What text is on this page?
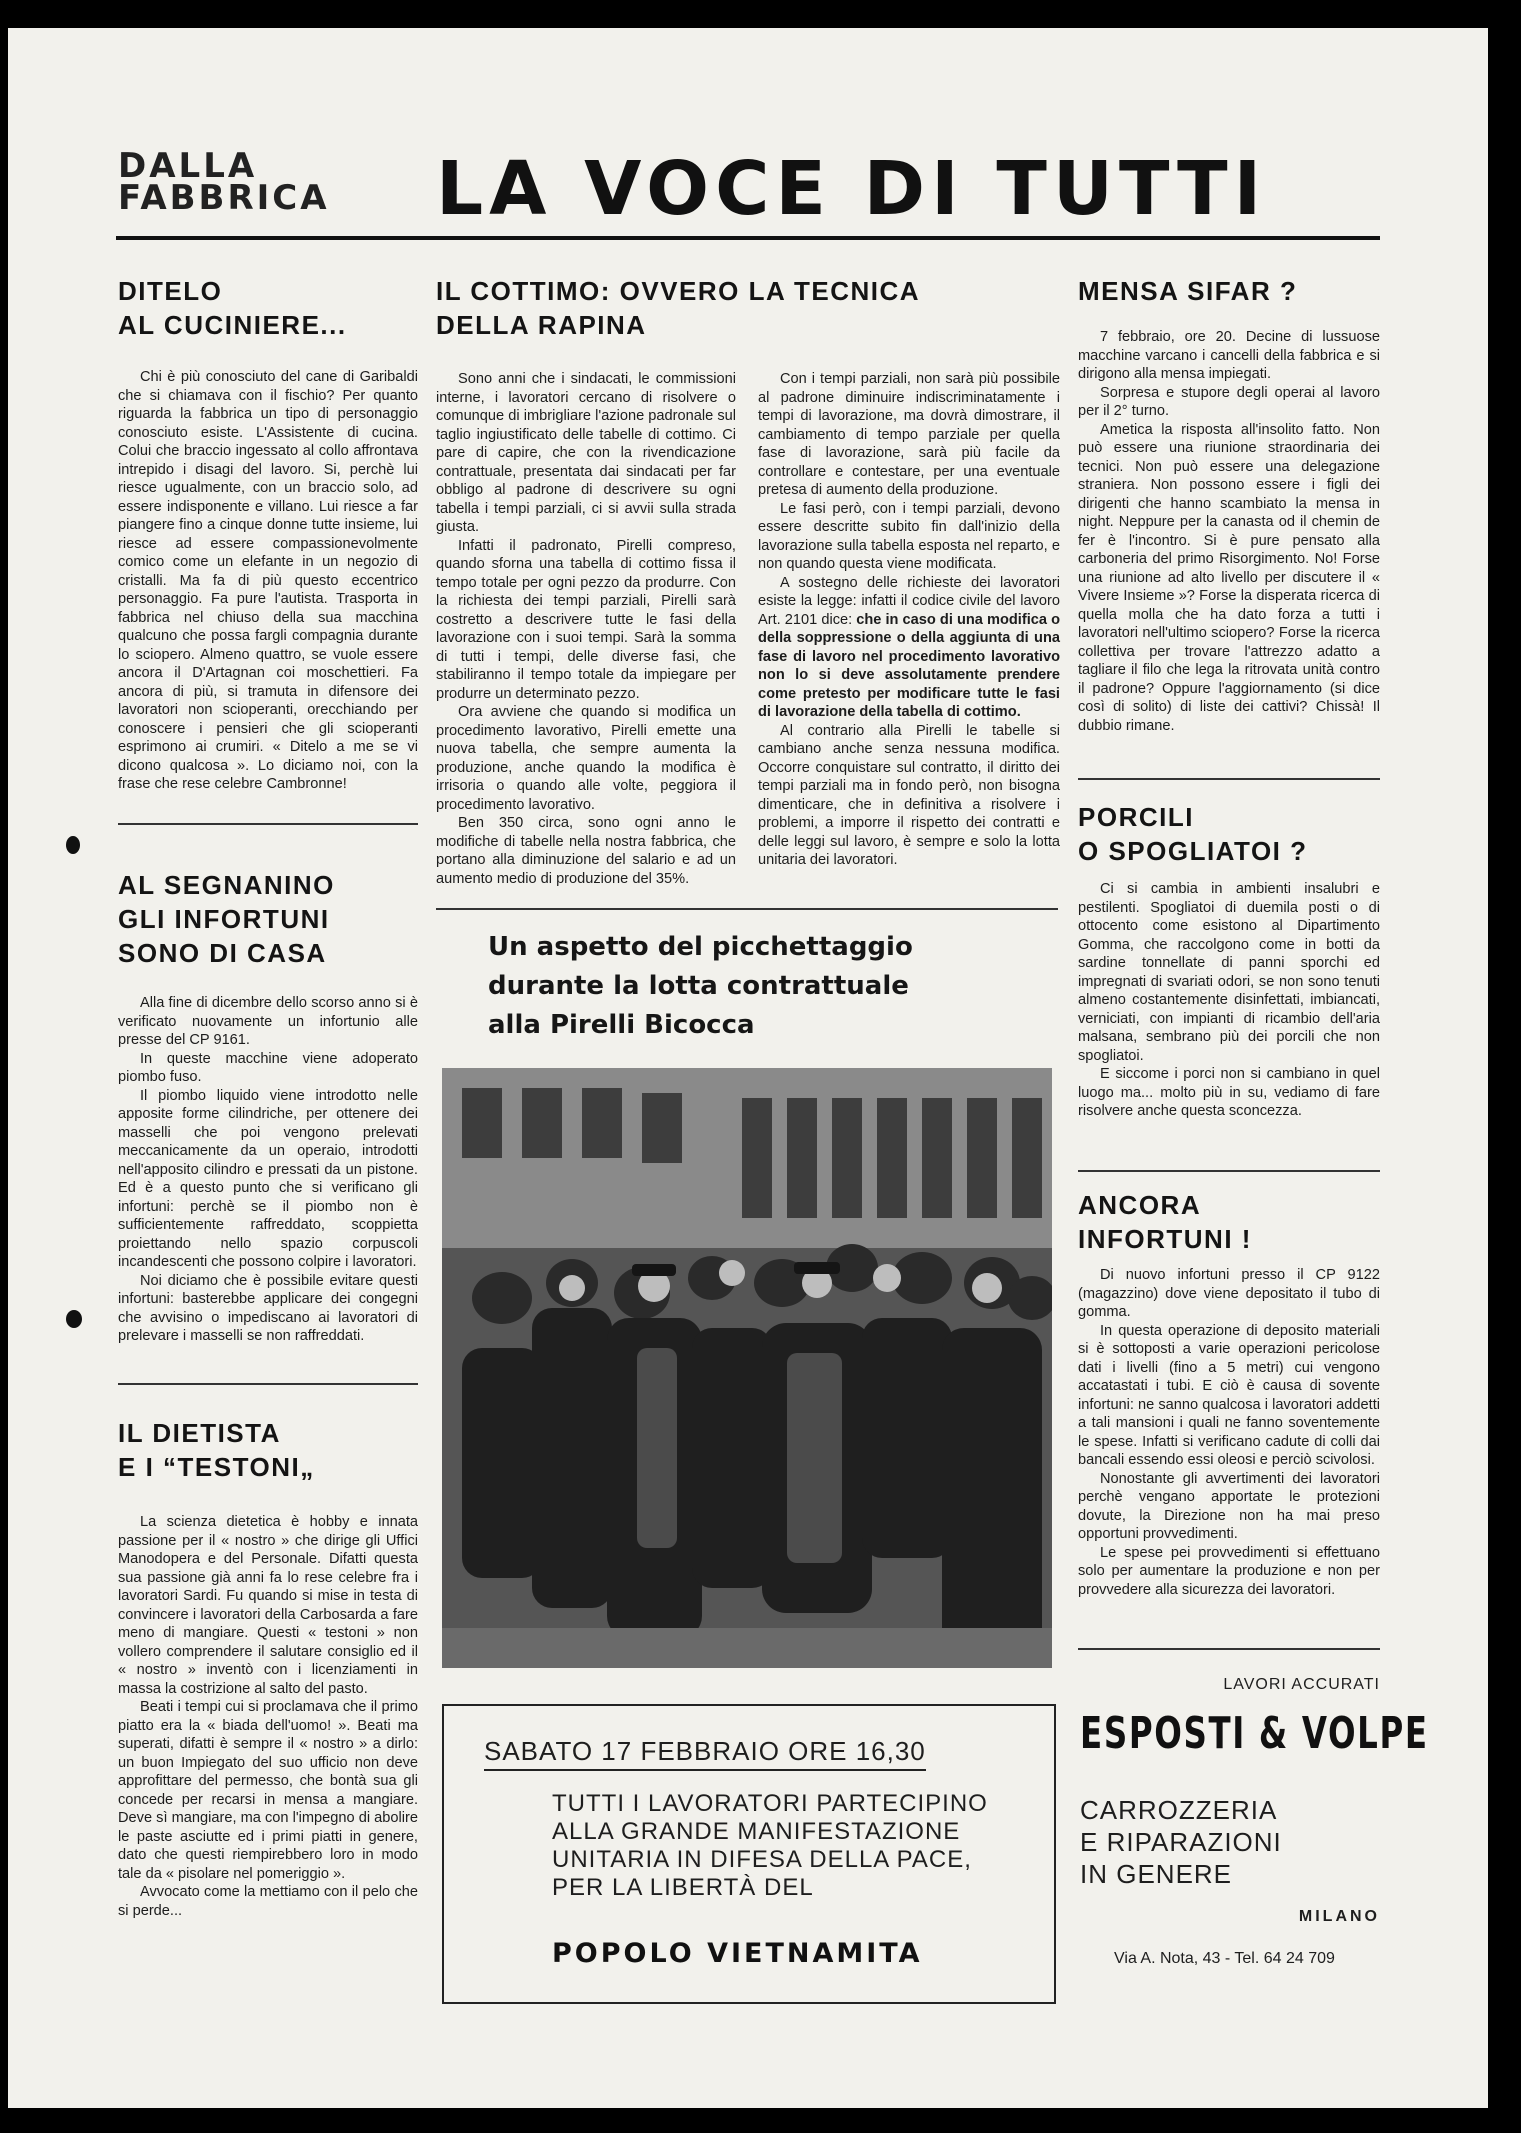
DALLA
FABBRICA LA VOCE DI TUTTI
DITELO
AL CUCINIERE...

Chi è più conosciuto del cane di Garibaldi che si chiamava con il fischio? Per quanto riguarda la fabbrica un tipo di personaggio conosciuto esiste. L'Assistente di cucina. Colui che braccio ingessato al collo affrontava intrepido i disagi del lavoro. Si, perchè lui riesce ugualmente, con un braccio solo, ad essere indisponente e villano. Lui riesce a far piangere fino a cinque donne tutte insieme, lui riesce ad essere compassionevolmente comico come un elefante in un negozio di cristalli. Ma fa di più questo eccentrico personaggio. Fa pure l'autista. Trasporta in fabbrica nel chiuso della sua macchina qualcuno che possa fargli compagnia durante lo sciopero. Almeno quattro, se vuole essere ancora il D'Artagnan coi moschettieri. Fa ancora di più, si tramuta in difensore dei lavoratori non scioperanti, orecchiando per conoscere i pensieri che gli scioperanti esprimono ai crumiri. « Ditelo a me se vi dicono qualcosa ». Lo diciamo noi, con la frase che rese celebre Cambronne!

AL SEGNANINO
GLI INFORTUNI
SONO DI CASA

Alla fine di dicembre dello scorso anno si è verificato nuovamente un infortunio alle presse del CP 9161.

In queste macchine viene adoperato piombo fuso.

Il piombo liquido viene introdotto nelle apposite forme cilindriche, per ottenere dei masselli che poi vengono prelevati meccanicamente da un operaio, introdotti nell'apposito cilindro e pressati da un pistone. Ed è a questo punto che si verificano gli infortuni: perchè se il piombo non è sufficientemente raffreddato, scoppietta proiettando nello spazio corpuscoli incandescenti che possono colpire i lavoratori.

Noi diciamo che è possibile evitare questi infortuni: basterebbe applicare dei congegni che avvisino o impediscano ai lavoratori di prelevare i masselli se non raffreddati.

IL DIETISTA
E I “TESTONI„

La scienza dietetica è hobby e innata passione per il « nostro » che dirige gli Uffici Manodopera e del Personale. Difatti questa sua passione già anni fa lo rese celebre fra i lavoratori Sardi. Fu quando si mise in testa di convincere i lavoratori della Carbosarda a fare meno di mangiare. Questi « testoni » non vollero comprendere il salutare consiglio ed il « nostro » inventò con i licenziamenti in massa la costrizione al salto del pasto.

Beati i tempi cui si proclamava che il primo piatto era la « biada dell'uomo! ». Beati ma superati, difatti è sempre il « nostro » a dirlo: un buon Impiegato del suo ufficio non deve approfittare del permesso, che bontà sua gli concede per recarsi in mensa a mangiare. Deve sì mangiare, ma con l'impegno di abolire le paste asciutte ed i primi piatti in genere, dato che questi riempirebbero loro in modo tale da « pisolare nel pomeriggio ».

Avvocato come la mettiamo con il pelo che si perde...

IL COTTIMO: OVVERO LA TECNICA
DELLA RAPINA

Sono anni che i sindacati, le commissioni interne, i lavoratori cercano di risolvere o comunque di imbrigliare l'azione padronale sul taglio ingiustificato delle tabelle di cottimo. Ci pare di capire, che con la rivendicazione contrattuale, presentata dai sindacati per far obbligo al padrone di descrivere su ogni tabella i tempi parziali, ci si avvii sulla strada giusta.

Infatti il padronato, Pirelli compreso, quando sforna una tabella di cottimo fissa il tempo totale per ogni pezzo da produrre. Con la richiesta dei tempi parziali, Pirelli sarà costretto a descrivere tutte le fasi della lavorazione con i suoi tempi. Sarà la somma di tutti i tempi, delle diverse fasi, che stabiliranno il tempo totale da impiegare per produrre un determinato pezzo.

Ora avviene che quando si modifica un procedimento lavorativo, Pirelli emette una nuova tabella, che sempre aumenta la produzione, anche quando la modifica è irrisoria o quando alle volte, peggiora il procedimento lavorativo.

Ben 350 circa, sono ogni anno le modifiche di tabelle nella nostra fabbrica, che portano alla diminuzione del salario e ad un aumento medio di produzione del 35%.

Con i tempi parziali, non sarà più possibile al padrone diminuire indiscriminatamente i tempi di lavorazione, ma dovrà dimostrare, il cambiamento di tempo parziale per quella fase di lavorazione, sarà più facile da controllare e contestare, per una eventuale pretesa di aumento della produzione.

Le fasi però, con i tempi parziali, devono essere descritte subito fin dall'inizio della lavorazione sulla tabella esposta nel reparto, e non quando questa viene modificata.

A sostegno delle richieste dei lavoratori esiste la legge: infatti il codice civile del lavoro Art. 2101 dice: che in caso di una modifica o della soppressione o della aggiunta di una fase di lavoro nel procedimento lavorativo non lo si deve assolutamente prendere come pretesto per modificare tutte le fasi di lavorazione della tabella di cottimo.

Al contrario alla Pirelli le tabelle si cambiano anche senza nessuna modifica. Occorre conquistare sul contratto, il diritto dei tempi parziali ma in fondo però, non bisogna dimenticare, che in definitiva a risolvere i problemi, a imporre il rispetto dei contratti e delle leggi sul lavoro, è sempre e solo la lotta unitaria dei lavoratori.

Un aspetto del picchettaggio
durante la lotta contrattuale
alla Pirelli Bicocca
SABATO 17 FEBBRAIO ORE 16,30
TUTTI I LAVORATORI PARTECIPINO
ALLA GRANDE MANIFESTAZIONE
UNITARIA IN DIFESA DELLA PACE,
PER LA LIBERTÀ DEL
POPOLO VIETNAMITA
MENSA SIFAR ?

7 febbraio, ore 20. Decine di lussuose macchine varcano i cancelli della fabbrica e si dirigono alla mensa impiegati.

Sorpresa e stupore degli operai al lavoro per il 2° turno.

Ametica la risposta all'insolito fatto. Non può essere una riunione straordinaria dei tecnici. Non può essere una delegazione straniera. Non possono essere i figli dei dirigenti che hanno scambiato la mensa in night. Neppure per la canasta od il chemin de fer è l'incontro. Si è pure pensato alla carboneria del primo Risorgimento. No! Forse una riunione ad alto livello per discutere il « Vivere Insieme »? Forse la disperata ricerca di quella molla che ha dato forza a tutti i lavoratori nell'ultimo sciopero? Forse la ricerca collettiva per trovare l'attrezzo adatto a tagliare il filo che lega la ritrovata unità contro il padrone? Oppure l'aggiornamento (si dice così di solito) di liste dei cattivi? Chissà! Il dubbio rimane.

PORCILI
O SPOGLIATOI ?

Ci si cambia in ambienti insalubri e pestilenti. Spogliatoi di duemila posti o di ottocento come esistono al Dipartimento Gomma, che raccolgono come in botti da sardine tonnellate di panni sporchi ed impregnati di svariati odori, se non sono tenuti almeno costantemente disinfettati, imbiancati, verniciati, con impianti di ricambio dell'aria malsana, sembrano più dei porcili che non spogliatoi.

E siccome i porci non si cambiano in quel luogo ma... molto più in su, vediamo di fare risolvere anche questa sconcezza.

ANCORA
INFORTUNI !

Di nuovo infortuni presso il CP 9122 (magazzino) dove viene depositato il tubo di gomma.

In questa operazione di deposito materiali si è sottoposti a varie operazioni pericolose dati i livelli (fino a 5 metri) cui vengono accatastati i tubi. E ciò è causa di sovente infortuni: ne sanno qualcosa i lavoratori addetti a tali mansioni i quali ne fanno soventemente le spese. Infatti si verificano cadute di colli dai bancali essendo essi oleosi e perciò scivolosi.

Nonostante gli avvertimenti dei lavoratori perchè vengano apportate le protezioni dovute, la Direzione non ha mai preso opportuni provvedimenti.

Le spese pei provvedimenti si effettuano solo per aumentare la produzione e non per provvedere alla sicurezza dei lavoratori.

LAVORI ACCURATI
ESPOSTI & VOLPE
CARROZZERIA
E RIPARAZIONI
IN GENERE
MILANO
Via A. Nota, 43 - Tel. 64 24 709
